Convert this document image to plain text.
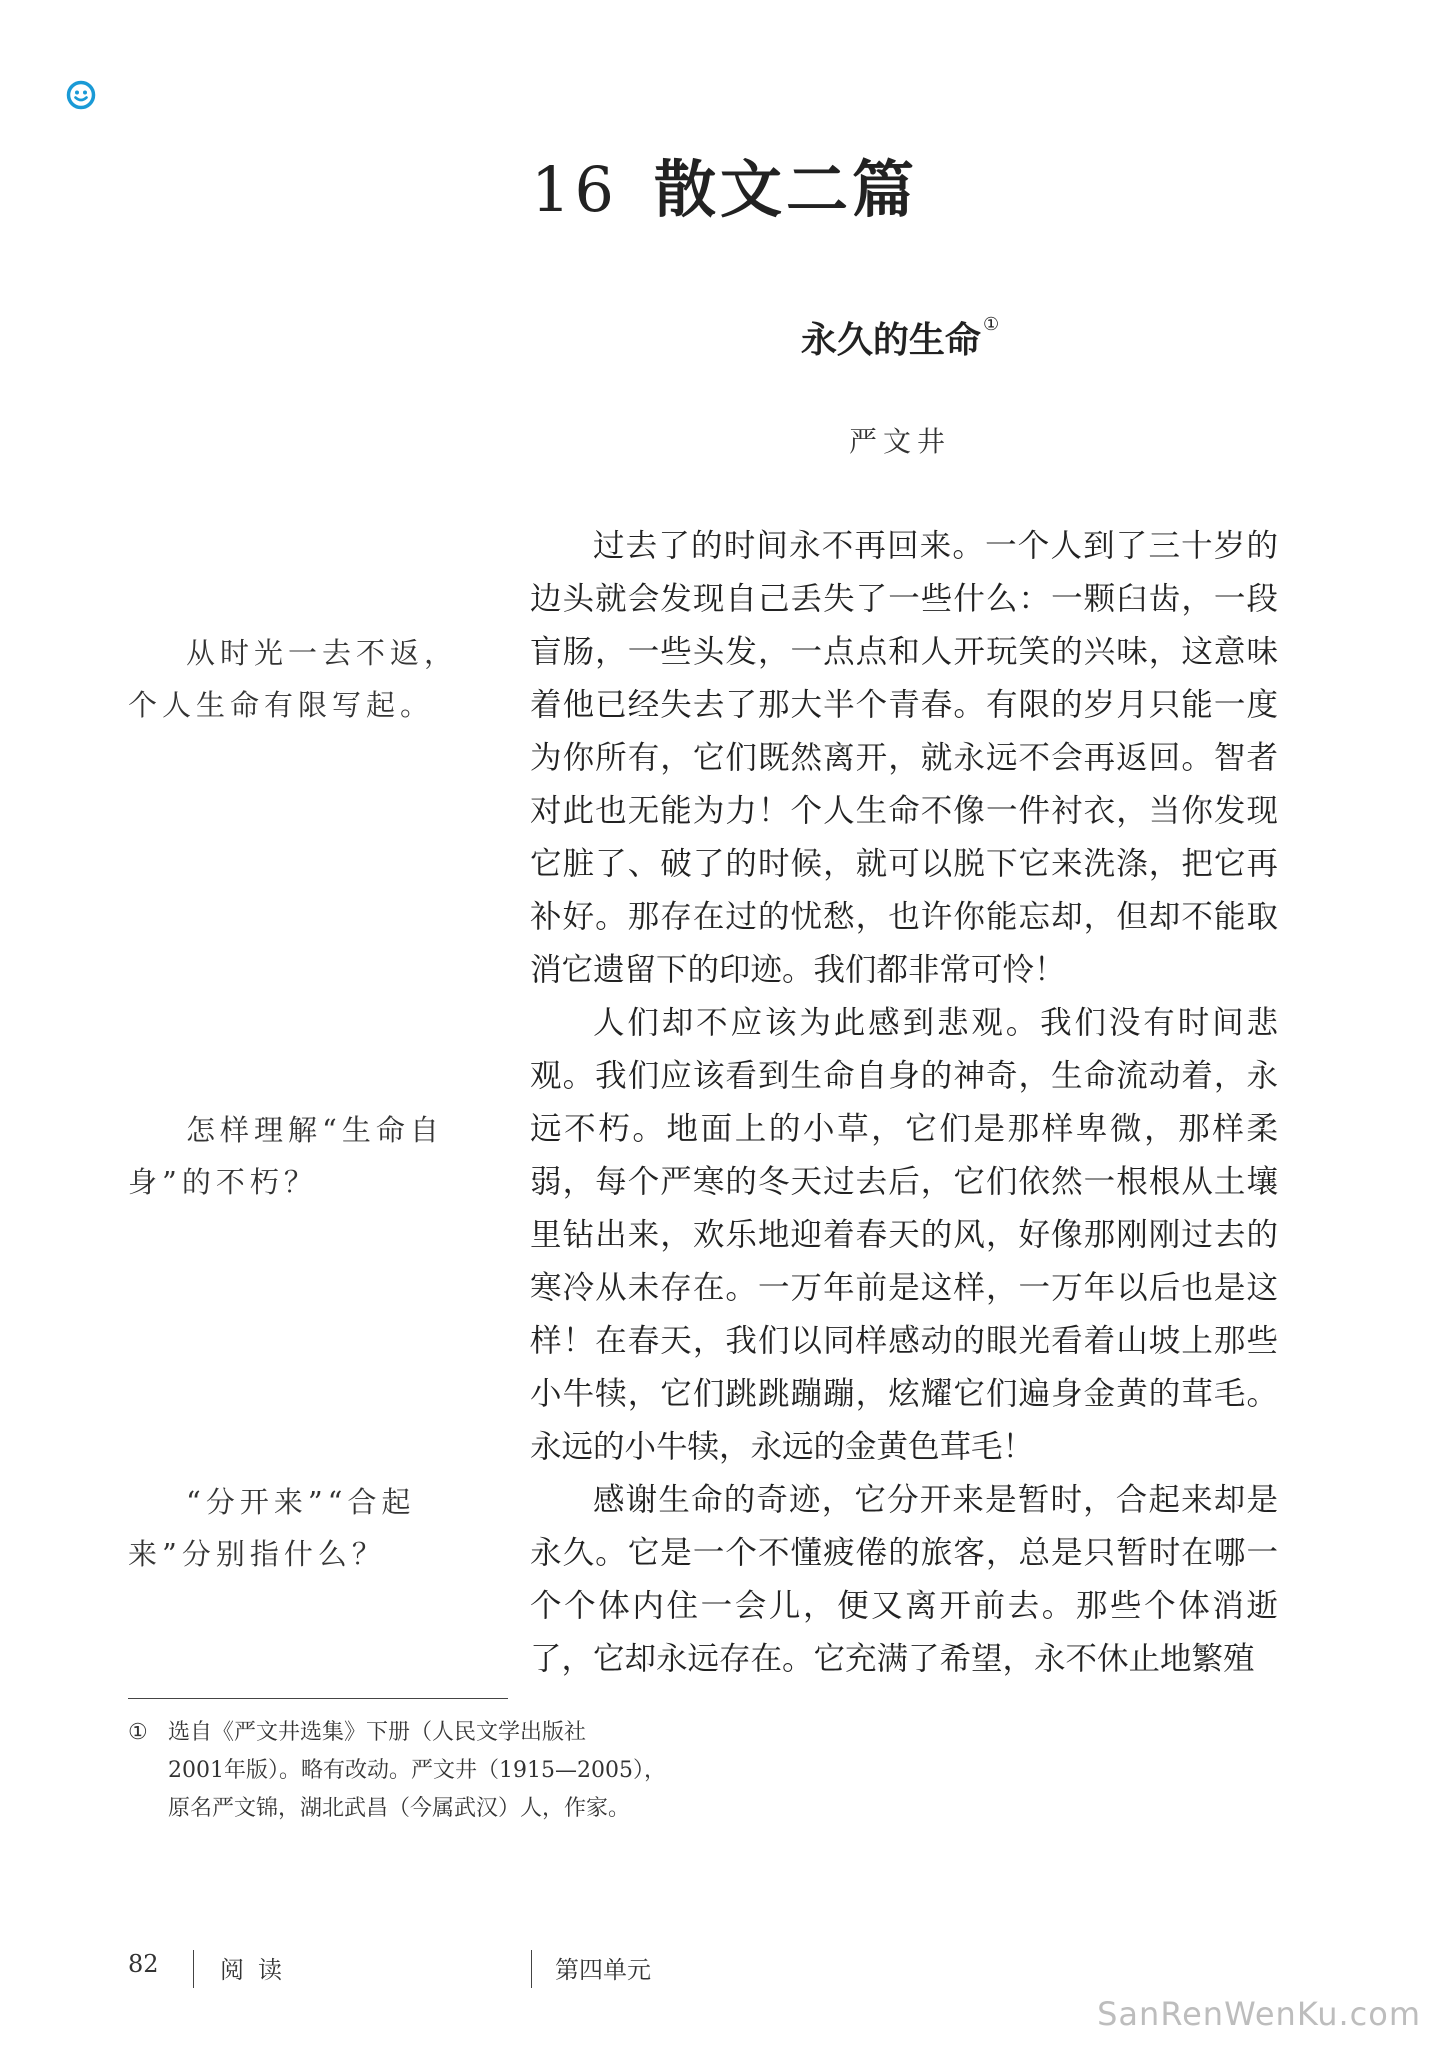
16 散文二篇
永久的生命 ①
严文井

过去了的时间永不再回来。一个人到了三十岁的边头就会发现自己丢失了一些什么：一颗臼齿，一段盲肠，一些头发，一点点和人开玩笑的兴味，这意味着他已经失去了那大半个青春。有限的岁月只能一度为你所有，它们既然离开，就永远不会再返回。智者对此也无能为力！个人生命不像一件衬衣，当你发现它脏了、破了的时候，就可以脱下它来洗涤，把它再补好。那存在过的忧愁，也许你能忘却，但却不能取消它遗留下的印迹。我们都非常可怜！

人们却不应该为此感到悲观。我们没有时间悲观。我们应该看到生命自身的神奇，生命流动着，永远不朽。地面上的小草，它们是那样卑微，那样柔弱，每个严寒的冬天过去后，它们依然一根根从土壤里钻出来，欢乐地迎着春天的风，好像那刚刚过去的寒冷从未存在。一万年前是这样，一万年以后也是这样！在春天，我们以同样感动的眼光看着山坡上那些小牛犊，它们跳跳蹦蹦，炫耀它们遍身金黄的茸毛。永远的小牛犊，永远的金黄色茸毛！

感谢生命的奇迹，它分开来是暂时，合起来却是永久。它是一个不懂疲倦的旅客，总是只暂时在哪一个个体内住一会儿，便又离开前去。那些个体消逝了，它却永远存在。它充满了希望，永不休止地繁殖

从时光一去不返，个人生命有限写起。
怎样理解“生命自身”的不朽？
“分开来”“合起来”分别指什么？
① 选自《严文井选集》下册（人民文学出版社
2001年版）。略有改动。严文井（1915—2005），
原名严文锦，湖北武昌（今属武汉）人，作家。
82	阅读	第四单元
SanRenWenKu.com
